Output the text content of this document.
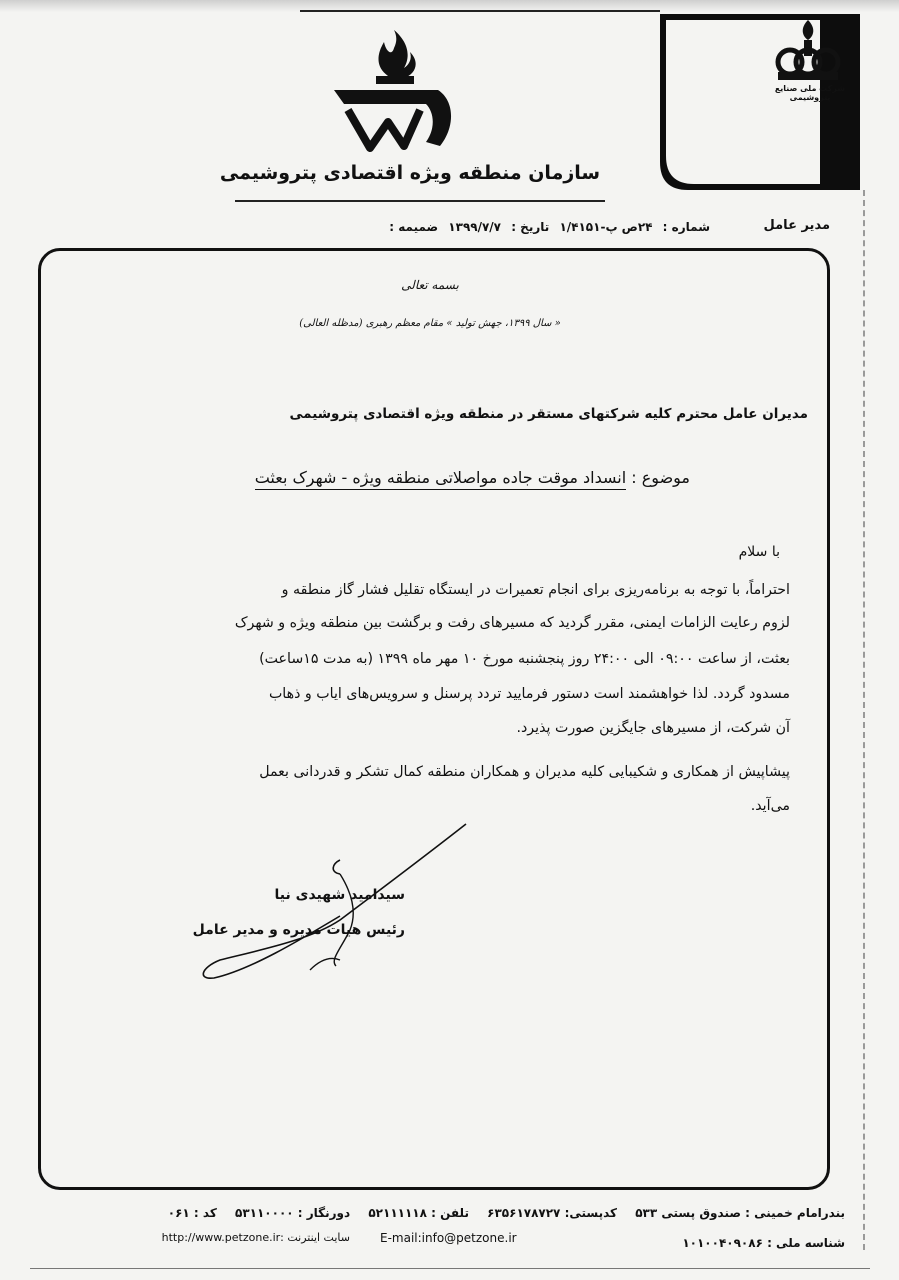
شرکت ملی صنایع پتروشیمی
سازمان منطقه ویژه اقتصادی پتروشیمی
مدیر عامل
شماره : ۲۴ص پ-۱/۴۱۵۱ تاریخ : ۱۳۹۹/۷/۷ ضمیمه :
بسمه تعالی
« سال ۱۳۹۹، جهش تولید » مقام معظم رهبری (مدظله العالی)
مدیران عامل محترم کلیه شرکتهای مستقر در منطقه ویژه اقتصادی پتروشیمی
موضوع : انسداد موقت جاده مواصلاتی منطقه ویژه - شهرک بعثت
با سلام
احتراماً، با توجه به برنامه‌ریزی برای انجام تعمیرات در ایستگاه تقلیل فشار گاز منطقه و
لزوم رعایت الزامات ایمنی، مقرر گردید که مسیرهای رفت و برگشت بین منطقه ویژه و شهرک
بعثت، از ساعت ۰۹:۰۰ الی ۲۴:۰۰ روز پنجشنبه مورخ ۱۰ مهر ماه ۱۳۹۹ (به مدت ۱۵ساعت)
مسدود گردد. لذا خواهشمند است دستور فرمایید تردد پرسنل و سرویس‌های ایاب و ذهاب
آن شرکت، از مسیرهای جایگزین صورت پذیرد.
پیشاپیش از همکاری و شکیبایی کلیه مدیران و همکاران منطقه کمال تشکر و قدردانی بعمل
می‌آید.
سیدامید شهیدی نیا
رئیس هیات مدیره و مدیر عامل
بندرامام خمینی : صندوق پستی ۵۳۳ کدپستی: ۶۳۵۶۱۷۸۷۲۷ تلفن : ۵۲۱۱۱۱۱۸ دورنگار : ۵۳۱۱۰۰۰۰ کد : ۰۶۱
شناسه ملی : ۱۰۱۰۰۴۰۹۰۸۶
E-mail:info@petzone.ir
سایت اینترنت :http://www.petzone.ir
